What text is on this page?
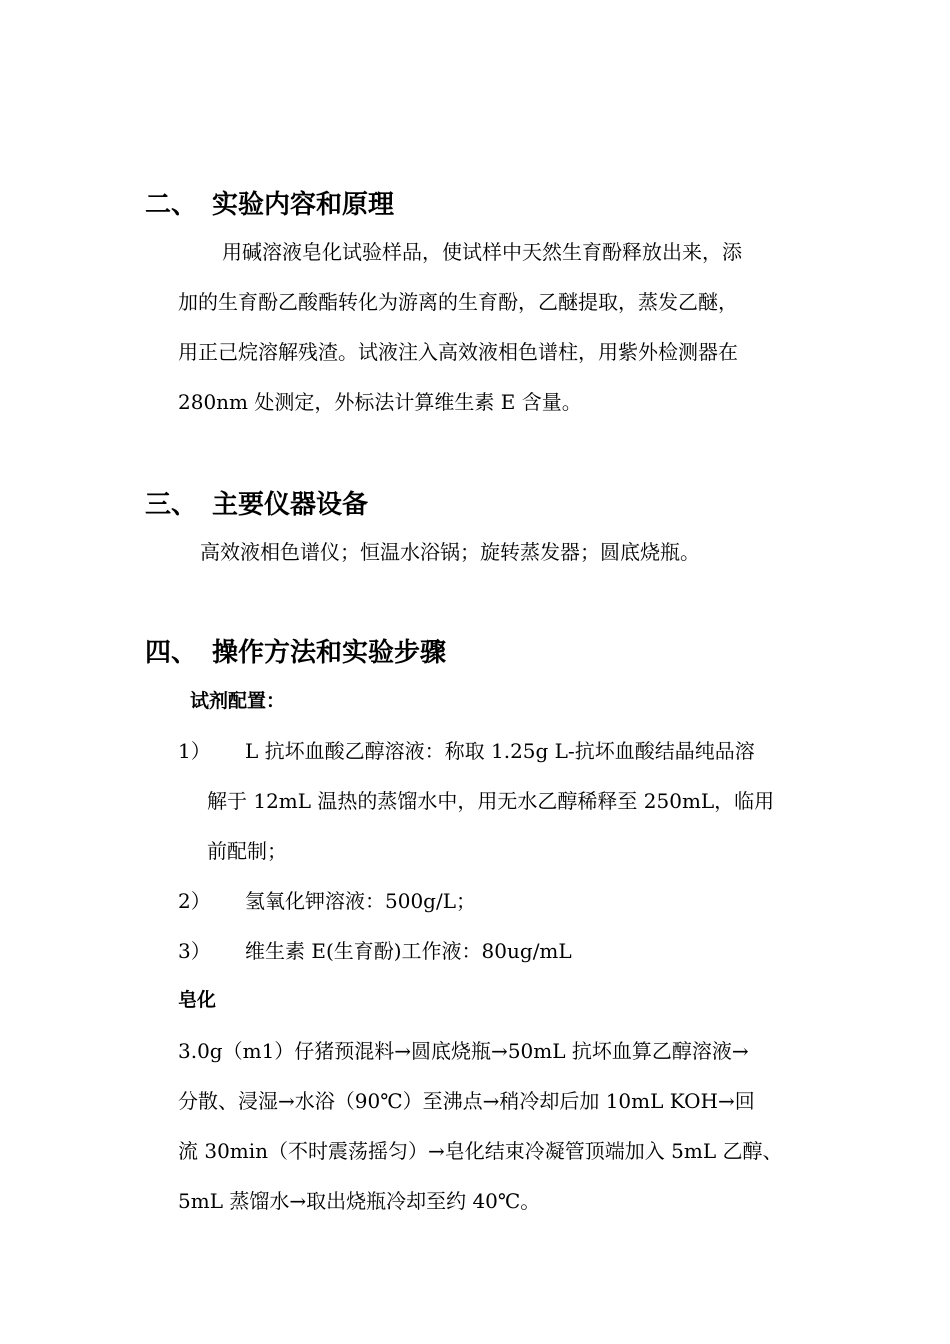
二、 实验内容和原理
用碱溶液皂化试验样品，使试样中天然生育酚释放出来，添
加的生育酚乙酸酯转化为游离的生育酚，乙醚提取，蒸发乙醚，
用正己烷溶解残渣。试液注入高效液相色谱柱，用紫外检测器在
280nm 处测定，外标法计算维生素 E 含量。
三、 主要仪器设备
高效液相色谱仪；恒温水浴锅；旋转蒸发器；圆底烧瓶。
四、 操作方法和实验步骤
试剂配置：
1） L 抗坏血酸乙醇溶液：称取 1.25g L-抗坏血酸结晶纯品溶
解于 12mL 温热的蒸馏水中，用无水乙醇稀释至 250mL，临用
前配制；
2） 氢氧化钾溶液：500g/L；
3） 维生素 E(生育酚)工作液：80ug/mL
皂化
3.0g（m1）仔猪预混料→圆底烧瓶→50mL 抗坏血算乙醇溶液→
分散、浸湿→水浴（90℃）至沸点→稍冷却后加 10mL KOH→回
流 30min（不时震荡摇匀）→皂化结束冷凝管顶端加入 5mL 乙醇、
5mL 蒸馏水→取出烧瓶冷却至约 40℃。
